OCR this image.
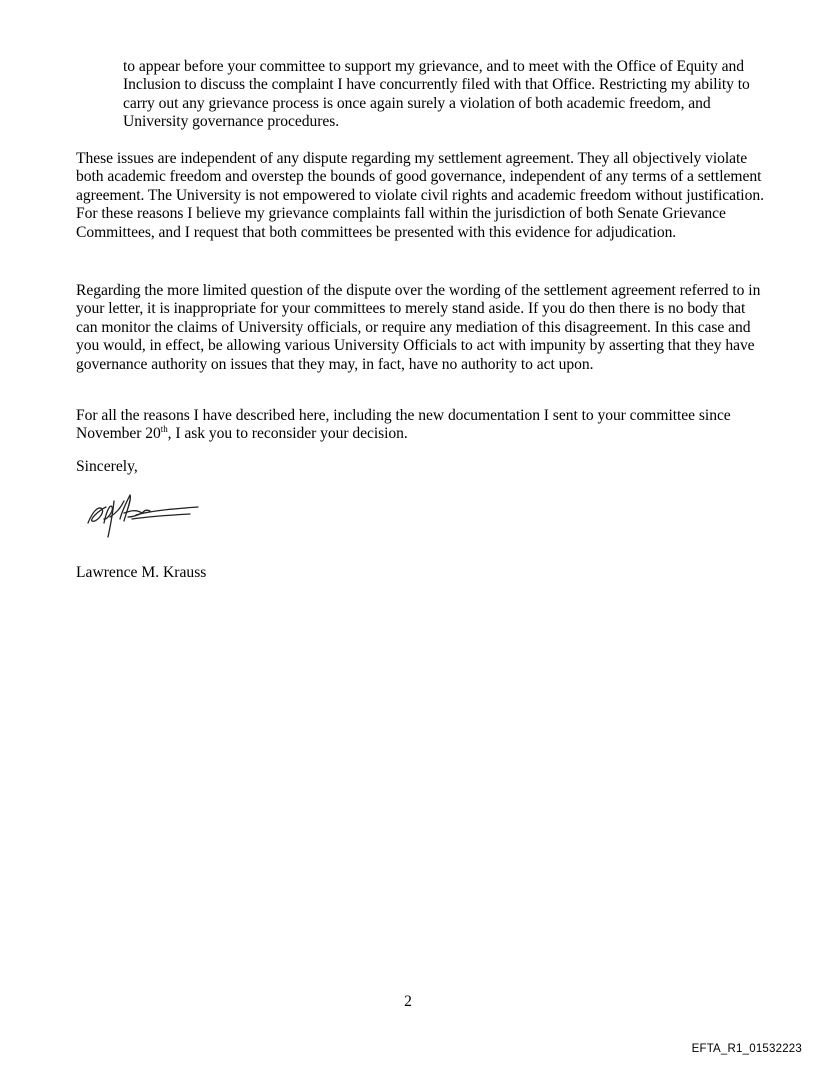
to appear before your committee to support my grievance, and to meet with the Office of Equity and Inclusion to discuss the complaint I have concurrently filed with that Office. Restricting my ability to carry out any grievance process is once again surely a violation of both academic freedom, and University governance procedures.

These issues are independent of any dispute regarding my settlement agreement. They all objectively violate both academic freedom and overstep the bounds of good governance, independent of any terms of a settlement agreement. The University is not empowered to violate civil rights and academic freedom without justification. For these reasons I believe my grievance complaints fall within the jurisdiction of both Senate Grievance Committees, and I request that both committees be presented with this evidence for adjudication.

Regarding the more limited question of the dispute over the wording of the settlement agreement referred to in your letter, it is inappropriate for your committees to merely stand aside. If you do then there is no body that can monitor the claims of University officials, or require any mediation of this disagreement. In this case and you would, in effect, be allowing various University Officials to act with impunity by asserting that they have governance authority on issues that they may, in fact, have no authority to act upon.

For all the reasons I have described here, including the new documentation I sent to your committee since November 20th, I ask you to reconsider your decision.

Sincerely,

Lawrence M. Krauss

2

EFTA_R1_01532223
